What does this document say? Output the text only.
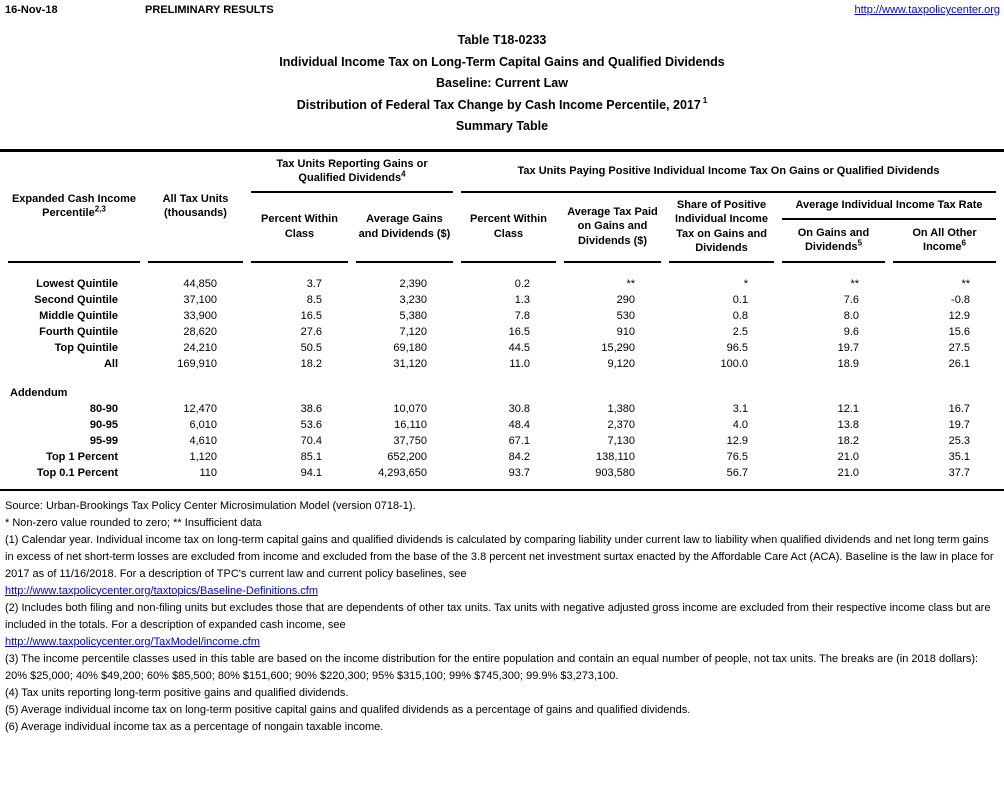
16-Nov-18	PRELIMINARY RESULTS	http://www.taxpolicycenter.org
Table T18-0233
Individual Income Tax on Long-Term Capital Gains and Qualified Dividends
Baseline: Current Law
Distribution of Federal Tax Change by Cash Income Percentile, 2017 $^1$
Summary Table
Expanded Cash Income Percentile$^{2,3}$	All Tax Units (thousands)	Tax Units Reporting Gains or Qualified Dividends$^4$		Tax Units Paying Positive Individual Income Tax On Gains or Qualified Dividends				
		Percent Within Class	Average Gains and Dividends ($)	Percent Within Class	Average Tax Paid on Gains and Dividends ($)	Share of Positive Individual Income Tax on Gains and Dividends	Average Individual Income Tax Rate	
							On Gains and Dividends$^5$	On All Other Income$^6$

Lowest Quintile	44,850	3.7	2,390	0.2	**	*	**	**
Second Quintile	37,100	8.5	3,230	1.3	290	0.1	7.6	-0.8
Middle Quintile	33,900	16.5	5,380	7.8	530	0.8	8.0	12.9
Fourth Quintile	28,620	27.6	7,120	16.5	910	2.5	9.6	15.6
Top Quintile	24,210	50.5	69,180	44.5	15,290	96.5	19.7	27.5
All	169,910	18.2	31,120	11.0	9,120	100.0	18.9	26.1

Addendum								
80-90	12,470	38.6	10,070	30.8	1,380	3.1	12.1	16.7
90-95	6,010	53.6	16,110	48.4	2,370	4.0	13.8	19.7
95-99	4,610	70.4	37,750	67.1	7,130	12.9	18.2	25.3
Top 1 Percent	1,120	85.1	652,200	84.2	138,110	76.5	21.0	35.1
Top 0.1 Percent	110	94.1	4,293,650	93.7	903,580	56.7	21.0	37.7

Source: Urban-Brookings Tax Policy Center Microsimulation Model (version 0718-1).
* Non-zero value rounded to zero; ** Insufficient data
(1) Calendar year. Individual income tax on long-term capital gains and qualified dividends is calculated by comparing liability under current law to liability when qualified dividends and net long term gains in excess of net short-term losses are excluded from income and excluded from the base of the 3.8 percent net investment surtax enacted by the Affordable Care Act (ACA). Baseline is the law in place for 2017 as of 11/16/2018. For a description of TPC's current law and current policy baselines, see
http://www.taxpolicycenter.org/taxtopics/Baseline-Definitions.cfm
(2) Includes both filing and non-filing units but excludes those that are dependents of other tax units. Tax units with negative adjusted gross income are excluded from their respective income class but are included in the totals. For a description of expanded cash income, see
http://www.taxpolicycenter.org/TaxModel/income.cfm
(3) The income percentile classes used in this table are based on the income distribution for the entire population and contain an equal number of people, not tax units. The breaks are (in 2018 dollars): 20% $25,000; 40% $49,200; 60% $85,500; 80% $151,600; 90% $220,300; 95% $315,100; 99% $745,300; 99.9% $3,273,100.
(4) Tax units reporting long-term positive gains and qualified dividends.
(5) Average individual income tax on long-term positive capital gains and qualifed dividends as a percentage of gains and qualified dividends.
(6) Average individual income tax as a percentage of nongain taxable income.
